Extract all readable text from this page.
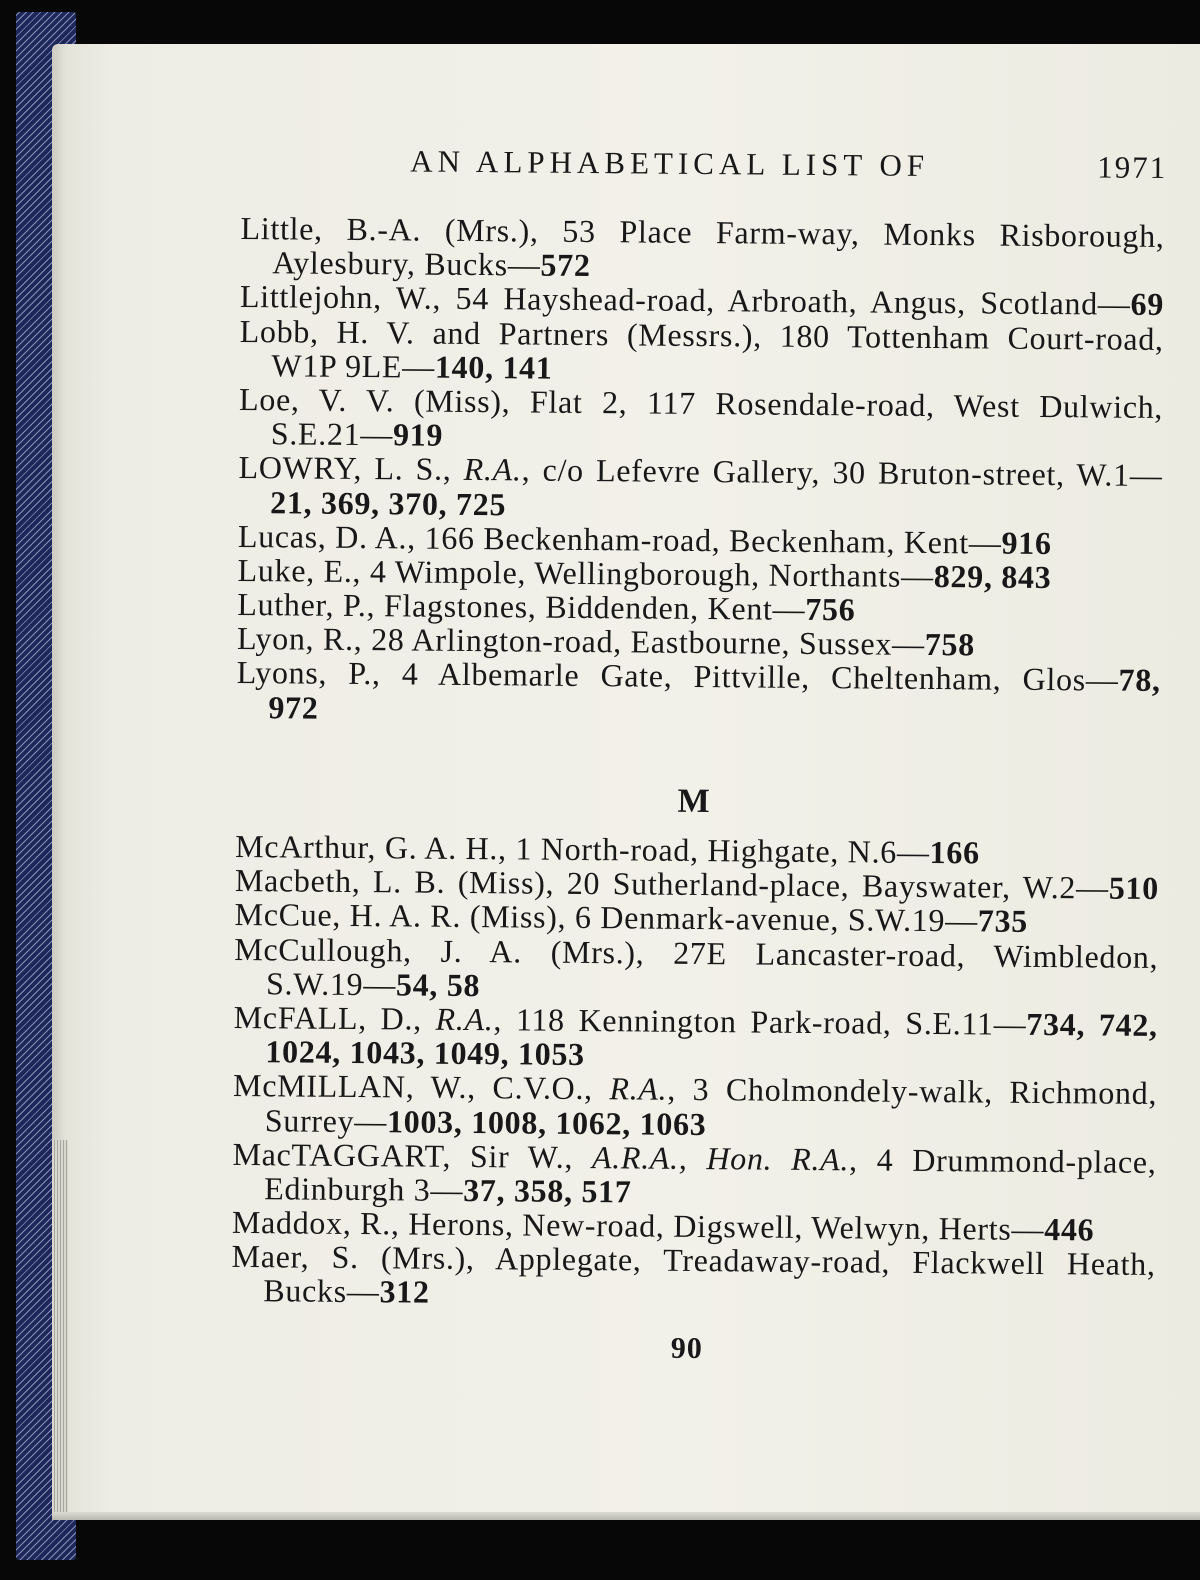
AN ALPHABETICAL LIST OF	1971
Little, B.-A. (Mrs.), 53 Place Farm-way, Monks Risborough,
Aylesbury, Bucks—572
Littlejohn, W., 54 Hayshead-road, Arbroath, Angus, Scotland—69
Lobb, H. V. and Partners (Messrs.), 180 Tottenham Court-road,
W1P 9LE—140, 141
Loe, V. V. (Miss), Flat 2, 117 Rosendale-road, West Dulwich,
S.E.21—919
LOWRY, L. S., R.A., c/o Lefevre Gallery, 30 Bruton-street, W.1—
21, 369, 370, 725
Lucas, D. A., 166 Beckenham-road, Beckenham, Kent—916
Luke, E., 4 Wimpole, Wellingborough, Northants—829, 843
Luther, P., Flagstones, Biddenden, Kent—756
Lyon, R., 28 Arlington-road, Eastbourne, Sussex—758
Lyons, P., 4 Albemarle Gate, Pittville, Cheltenham, Glos—78,
972
M
McArthur, G. A. H., 1 North-road, Highgate, N.6—166
Macbeth, L. B. (Miss), 20 Sutherland-place, Bayswater, W.2—510
McCue, H. A. R. (Miss), 6 Denmark-avenue, S.W.19—735
McCullough, J. A. (Mrs.), 27E Lancaster-road, Wimbledon,
S.W.19—54, 58
McFALL, D., R.A., 118 Kennington Park-road, S.E.11—734, 742,
1024, 1043, 1049, 1053
McMILLAN, W., C.V.O., R.A., 3 Cholmondely-walk, Richmond,
Surrey—1003, 1008, 1062, 1063
MacTAGGART, Sir W., A.R.A., Hon. R.A., 4 Drummond-place,
Edinburgh 3—37, 358, 517
Maddox, R., Herons, New-road, Digswell, Welwyn, Herts—446
Maer, S. (Mrs.), Applegate, Treadaway-road, Flackwell Heath,
Bucks—312
90
